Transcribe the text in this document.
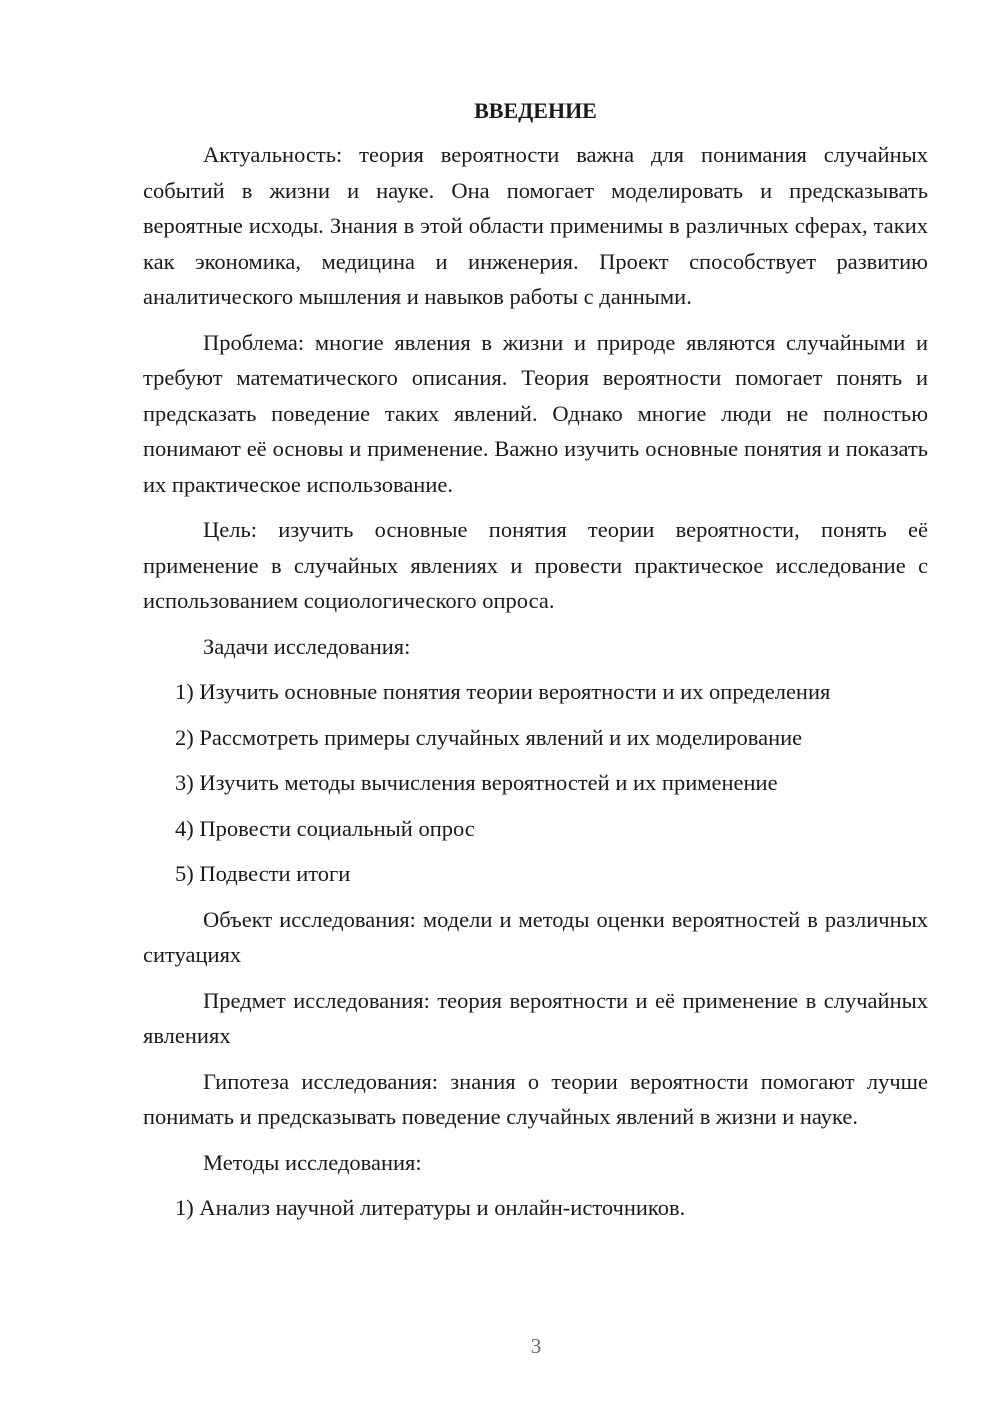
ВВЕДЕНИЕ

Актуальность: теория вероятности важна для понимания случайных событий в жизни и науке. Она помогает моделировать и предсказывать вероятные исходы. Знания в этой области применимы в различных сферах, таких как экономика, медицина и инженерия. Проект способствует развитию аналитического мышления и навыков работы с данными.

Проблема: многие явления в жизни и природе являются случайными и требуют математического описания. Теория вероятности помогает понять и предсказать поведение таких явлений. Однако многие люди не полностью понимают её основы и применение. Важно изучить основные понятия и показать их практическое использование.

Цель: изучить основные понятия теории вероятности, понять её применение в случайных явлениях и провести практическое исследование с использованием социологического опроса.

Задачи исследования:

1) Изучить основные понятия теории вероятности и их определения

2) Рассмотреть примеры случайных явлений и их моделирование

3) Изучить методы вычисления вероятностей и их применение

4) Провести социальный опрос

5) Подвести итоги

Объект исследования: модели и методы оценки вероятностей в различных ситуациях

Предмет исследования: теория вероятности и её применение в случайных явлениях

Гипотеза исследования: знания о теории вероятности помогают лучше понимать и предсказывать поведение случайных явлений в жизни и науке.

Методы исследования:

1) Анализ научной литературы и онлайн-источников.

3
